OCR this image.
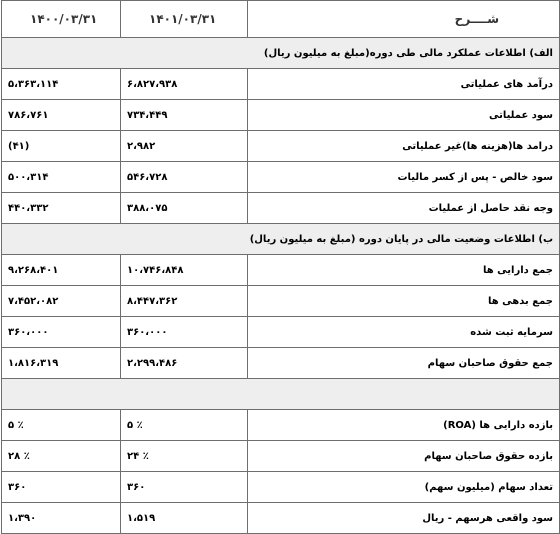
شــــرح	۱۴۰۱/۰۳/۳۱	۱۴۰۰/۰۳/۳۱
الف) اطلاعات عملکرد مالی طی دوره(مبلغ به میلیون ریال)		
درآمد های عملیاتی	۶،۸۲۷،۹۳۸	۵،۳۶۳،۱۱۴
سود عملیاتی	۷۳۴،۴۴۹	۷۸۶،۷۶۱
درامد ها(هزینه ها)غیر عملیاتی	۲،۹۸۲	(۴۱)
سود خالص - پس از کسر مالیات	۵۴۶،۷۲۸	۵۰۰،۳۱۴
وجه نقد حاصل از عملیات	۳۸۸،۰۷۵	۴۴۰،۳۳۲
ب) اطلاعات وضعیت مالی در پایان دوره (مبلغ به میلیون ریال)		
جمع دارایی ها	۱۰،۷۴۶،۸۴۸	۹،۲۶۸،۴۰۱
جمع بدهی ها	۸،۴۴۷،۳۶۲	۷،۴۵۲،۰۸۲
سرمایه ثبت شده	۳۶۰،۰۰۰	۳۶۰،۰۰۰
جمع حقوق صاحبان سهام	۲،۲۹۹،۴۸۶	۱،۸۱۶،۳۱۹

بازده دارایی ها (ROA)	٪ ۵	٪ ۵
بازده حقوق صاحبان سهام	٪ ۲۴	٪ ۲۸
تعداد سهام (میلیون سهم)	۳۶۰	۳۶۰
سود واقعی هرسهم - ریال	۱،۵۱۹	۱،۳۹۰
